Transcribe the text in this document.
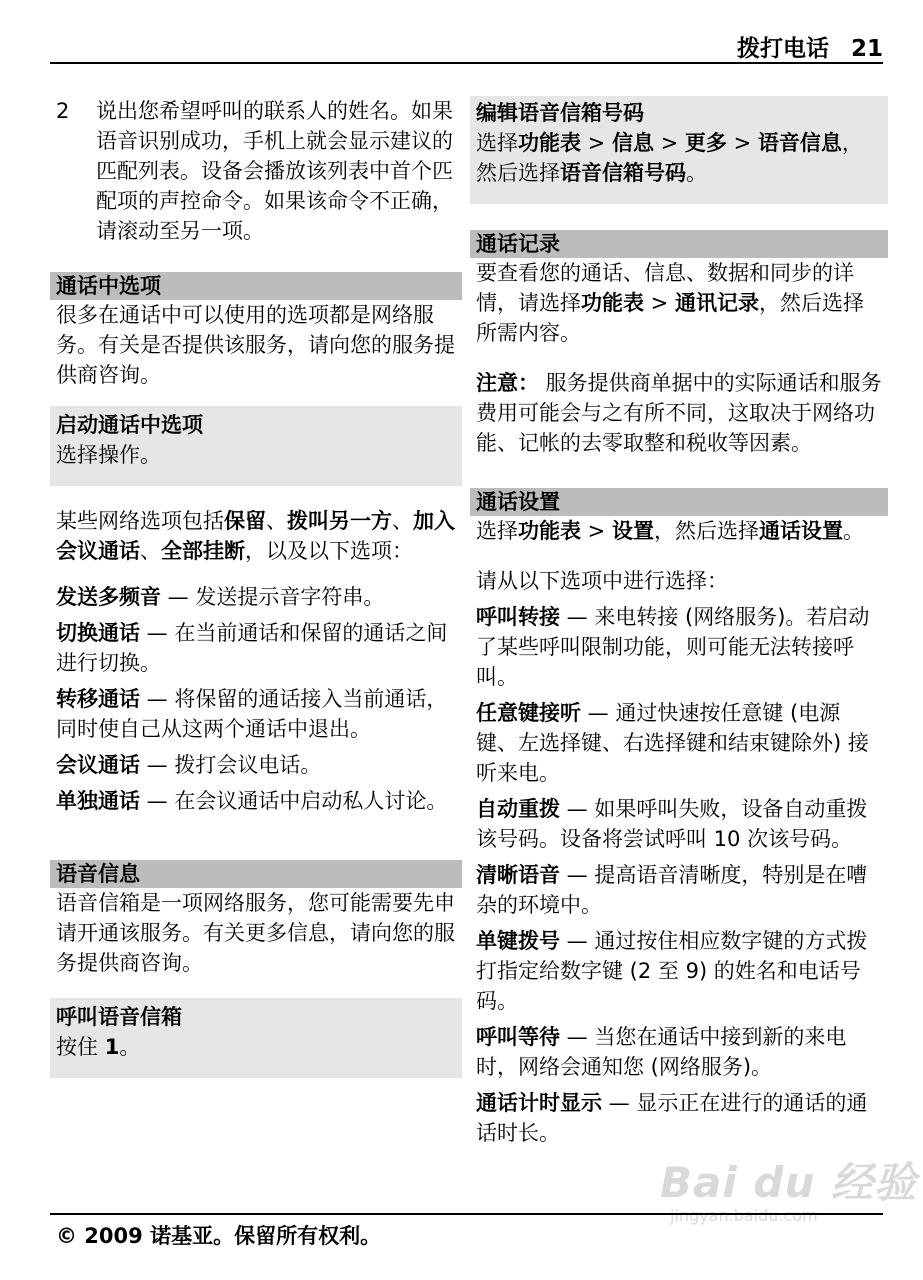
拨打电话 21
2	说出您希望呼叫的联系人的姓名。如果语音识别成功，手机上就会显示建议的匹配列表。设备会播放该列表中首个匹配项的声控命令。如果该命令不正确，请滚动至另一项。
通话中选项

很多在通话中可以使用的选项都是网络服务。有关是否提供该服务，请向您的服务提供商咨询。

启动通话中选项
选择操作。

某些网络选项包括保留、拨叫另一方、加入会议通话、全部挂断，以及以下选项：

发送多频音 — 发送提示音字符串。

切换通话 — 在当前通话和保留的通话之间进行切换。

转移通话 — 将保留的通话接入当前通话，同时使自己从这两个通话中退出。

会议通话 — 拨打会议电话。

单独通话 — 在会议通话中启动私人讨论。

语音信息

语音信箱是一项网络服务，您可能需要先申请开通该服务。有关更多信息，请向您的服务提供商咨询。

呼叫语音信箱
按住 1。
编辑语音信箱号码
选择功能表 > 信息 > 更多 > 语音信息，然后选择语音信箱号码。
通话记录

要查看您的通话、信息、数据和同步的详情，请选择功能表 > 通讯记录，然后选择所需内容。

注意： 服务提供商单据中的实际通话和服务费用可能会与之有所不同，这取决于网络功能、记帐的去零取整和税收等因素。

通话设置

选择功能表 > 设置，然后选择通话设置。

请从以下选项中进行选择：

呼叫转接 — 来电转接 (网络服务)。若启动了某些呼叫限制功能，则可能无法转接呼叫。

任意键接听 — 通过快速按任意键 (电源键、左选择键、右选择键和结束键除外) 接听来电。

自动重拨 — 如果呼叫失败，设备自动重拨该号码。设备将尝试呼叫 10 次该号码。

清晰语音 — 提高语音清晰度，特别是在嘈杂的环境中。

单键拨号 — 通过按住相应数字键的方式拨打指定给数字键 (2 至 9) 的姓名和电话号码。

呼叫等待 — 当您在通话中接到新的来电时，网络会通知您 (网络服务)。

通话计时显示 — 显示正在进行的通话的通话时长。

Bai du 经验
jingyan.baidu.com
© 2009 诺基亚。保留所有权利。
